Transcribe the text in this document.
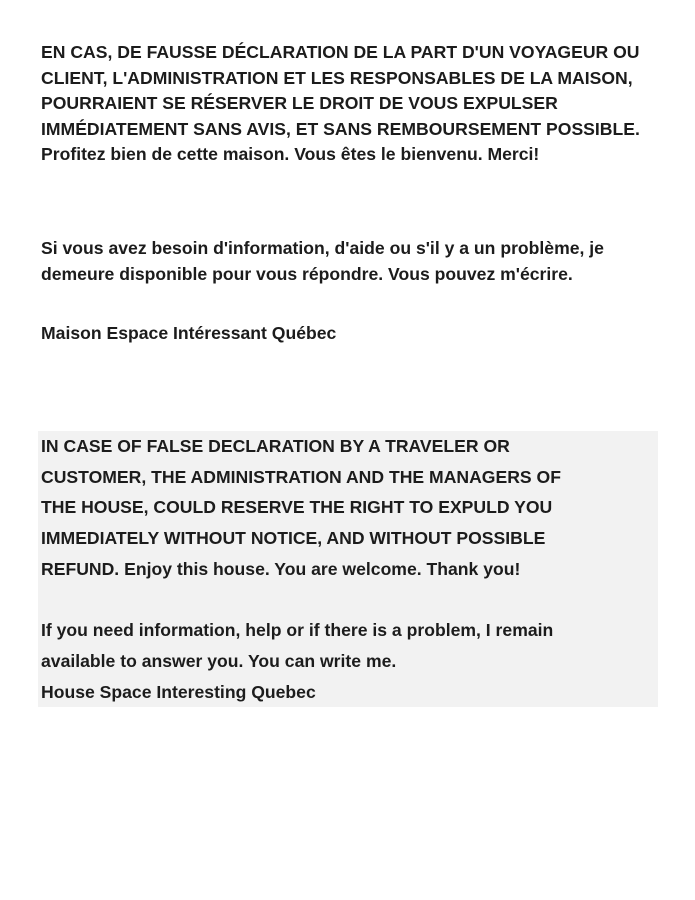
EN CAS, DE FAUSSE DÉCLARATION DE LA PART D'UN VOYAGEUR OU CLIENT, L'ADMINISTRATION ET LES RESPONSABLES DE LA MAISON, POURRAIENT SE RÉSERVER LE DROIT DE VOUS EXPULSER IMMÉDIATEMENT SANS AVIS, ET SANS REMBOURSEMENT POSSIBLE. Profitez bien de cette maison. Vous êtes le bienvenu. Merci!

Si vous avez besoin d'information, d'aide ou s'il y a un problème, je demeure disponible pour vous répondre. Vous pouvez m'écrire.

Maison Espace Intéressant Québec

IN CASE OF FALSE DECLARATION BY A TRAVELER OR
CUSTOMER, THE ADMINISTRATION AND THE MANAGERS OF
THE HOUSE, COULD RESERVE THE RIGHT TO EXPULD YOU
IMMEDIATELY WITHOUT NOTICE, AND WITHOUT POSSIBLE
REFUND. Enjoy this house. You are welcome. Thank you!
If you need information, help or if there is a problem, I remain
available to answer you. You can write me.
House Space Interesting Quebec
